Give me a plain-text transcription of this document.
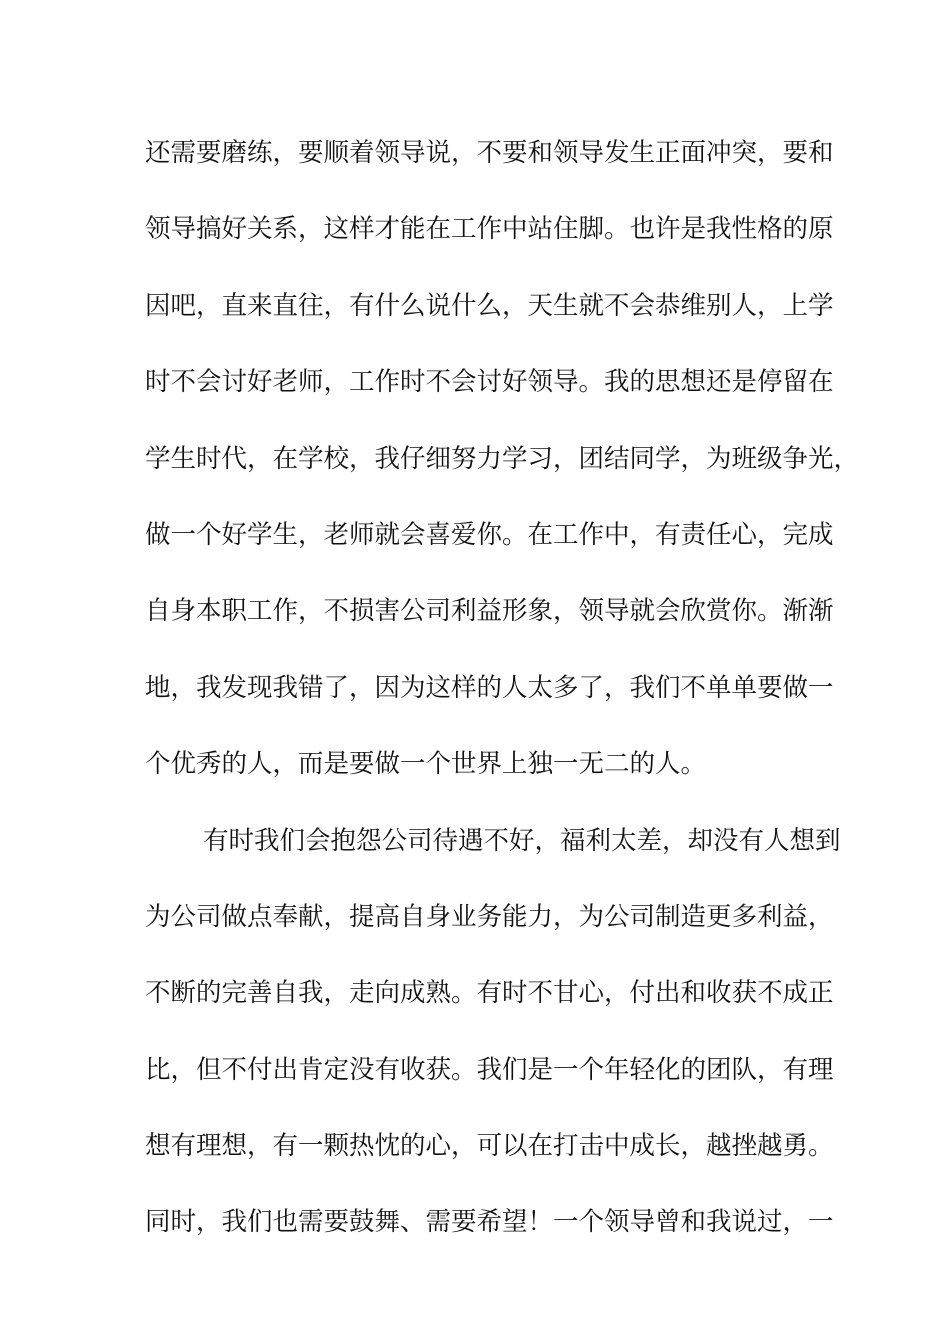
还需要磨练，要顺着领导说，不要和领导发生正面冲突，要和
领导搞好关系，这样才能在工作中站住脚。也许是我性格的原
因吧，直来直往，有什么说什么，天生就不会恭维别人，上学
时不会讨好老师，工作时不会讨好领导。我的思想还是停留在
学生时代，在学校，我仔细努力学习，团结同学，为班级争光，
做一个好学生，老师就会喜爱你。在工作中，有责任心，完成
自身本职工作，不损害公司利益形象，领导就会欣赏你。渐渐
地，我发现我错了，因为这样的人太多了，我们不单单要做一
个优秀的人，而是要做一个世界上独一无二的人。
有时我们会抱怨公司待遇不好，福利太差，却没有人想到
为公司做点奉献，提高自身业务能力，为公司制造更多利益，
不断的完善自我，走向成熟。有时不甘心，付出和收获不成正
比，但不付出肯定没有收获。我们是一个年轻化的团队，有理
想有理想，有一颗热忱的心，可以在打击中成长，越挫越勇。
同时，我们也需要鼓舞、需要希望！一个领导曾和我说过，一
